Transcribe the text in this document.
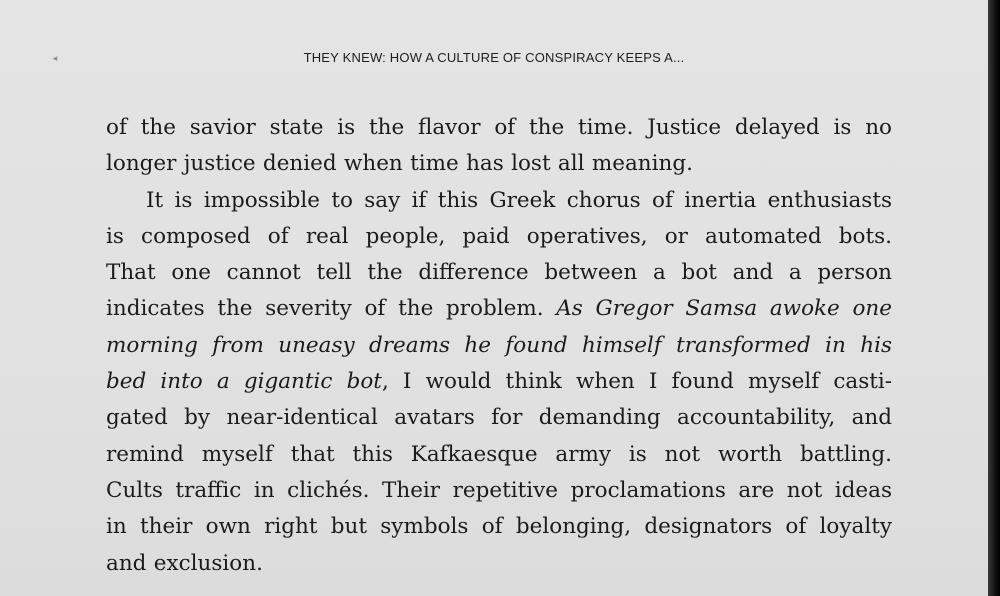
◂	THEY KNEW: HOW A CULTURE OF CONSPIRACY KEEPS A...
of the savior state is the flavor of the time. Justice delayed is no
longer justice denied when time has lost all meaning.
It is impossible to say if this Greek chorus of inertia enthusiasts
is composed of real people, paid operatives, or automated bots.
That one cannot tell the difference between a bot and a person
indicates the severity of the problem. As Gregor Samsa awoke one
morning from uneasy dreams he found himself transformed in his
bed into a gigantic bot, I would think when I found myself casti-
gated by near-identical avatars for demanding accountability, and
remind myself that this Kafkaesque army is not worth battling.
Cults traffic in clichés. Their repetitive proclamations are not ideas
in their own right but symbols of belonging, designators of loyalty
and exclusion.
